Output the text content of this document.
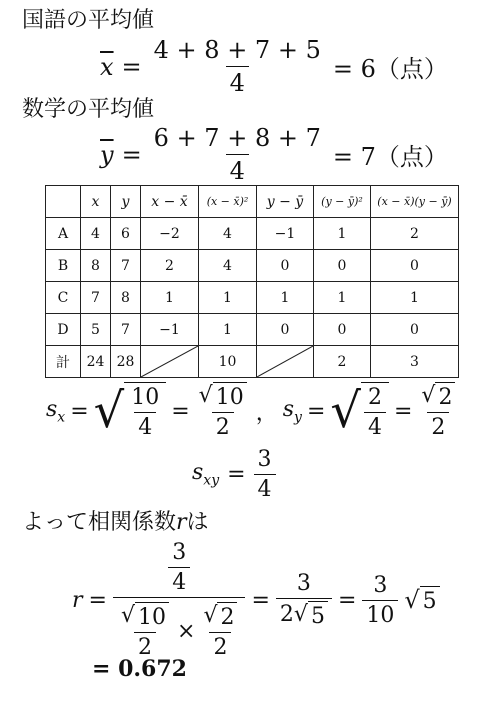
国語の平均値
$\overline{x} = \frac{4 + 8 + 7 + 5}{4} = 6$（点）
数学の平均値
$\overline{y} = \frac{6 + 7 + 8 + 7}{4} = 7$（点）
	x	y	x − x̄	(x − x̄)²	y − ȳ	(y − ȳ)²	(x − x̄)(y − ȳ)
A	4	6	−2	4	−1	1	2
B	8	7	2	4	0	0	0
C	7	8	1	1	1	1	1
D	5	7	−1	1	0	0	0
計	24	28		10		2	3
$s_x$ = √ $\frac{10}{4} = \frac{√ 10}{2}$ ， $s_y$ = √ $\frac{2}{4} = \frac{√ 2}{2}$
$s_{xy} = \frac{3}{4}$
よって相関係数rは
$r = \frac{\frac{3}{4}}{\frac{√ 10}{2} \times \frac{√ 2}{2}} = \frac{3}{2 √ 5} = \frac{3}{10}$ √ 5
= 0.672
